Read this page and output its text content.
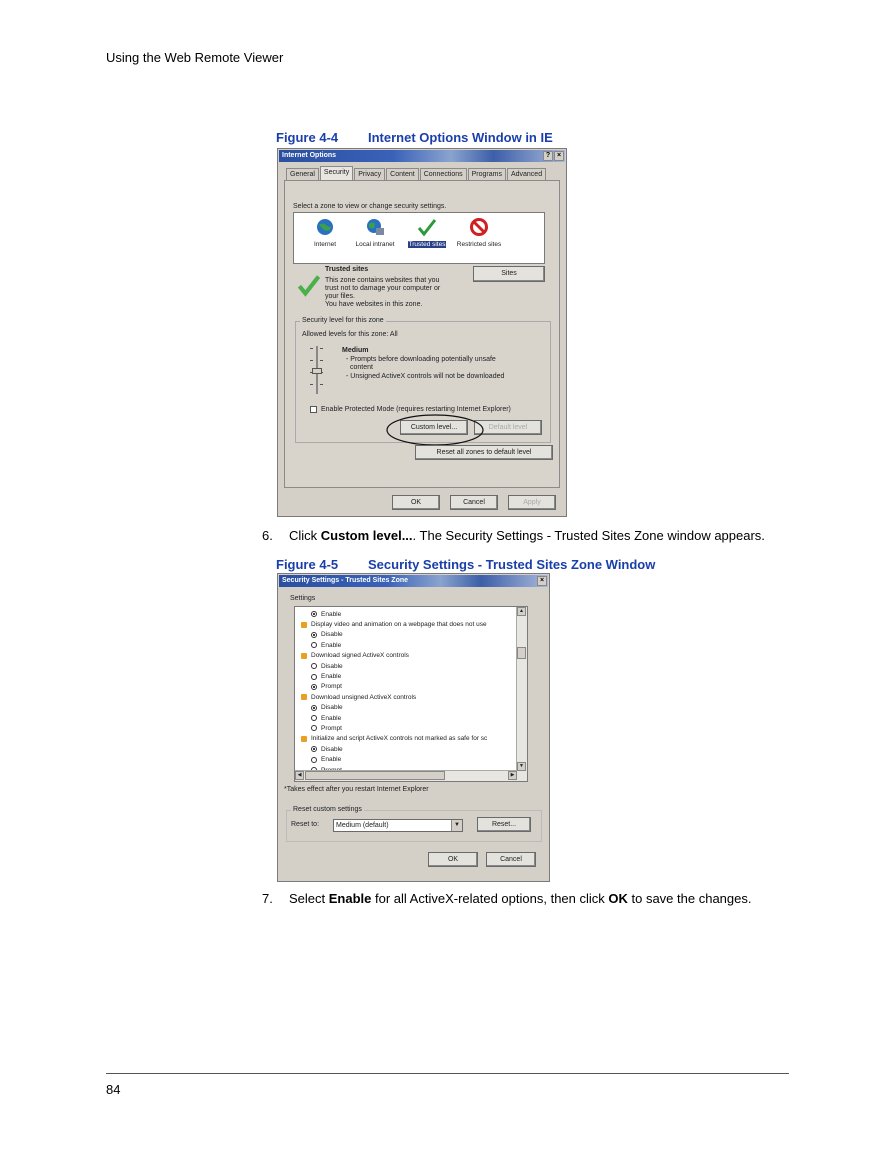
Using the Web Remote Viewer
Figure 4-4 Internet Options Window in IE
Internet Options	? ×
General	Security	Privacy	Content	Connections	Programs	Advanced
Select a zone to view or change security settings.
Internet	Local intranet	Trusted sites	Restricted sites
Trusted sites
This zone contains websites that you
trust not to damage your computer or
your files.
You have websites in this zone.
Sites
Security level for this zone
Allowed levels for this zone: All
Medium
- Prompts before downloading potentially unsafe
content
- Unsigned ActiveX controls will not be downloaded
Enable Protected Mode (requires restarting Internet Explorer)
Custom level...	Default level
Reset all zones to default level
OK	Cancel	Apply
6. Click Custom level.... The Security Settings - Trusted Sites Zone window appears.
Figure 4-5 Security Settings - Trusted Sites Zone Window
Security Settings - Trusted Sites Zone	×
Settings
Enable
Display video and animation on a webpage that does not use
Disable
Enable
Download signed ActiveX controls
Disable
Enable
Prompt
Download unsigned ActiveX controls
Disable
Enable
Prompt
Initialize and script ActiveX controls not marked as safe for sc
Disable
Enable
▲
▼
◀	▶
*Takes effect after you restart Internet Explorer
Reset custom settings
Reset to:	Medium (default)	▼	Reset...
OK	Cancel
7. Select Enable for all ActiveX-related options, then click OK to save the changes.
84
